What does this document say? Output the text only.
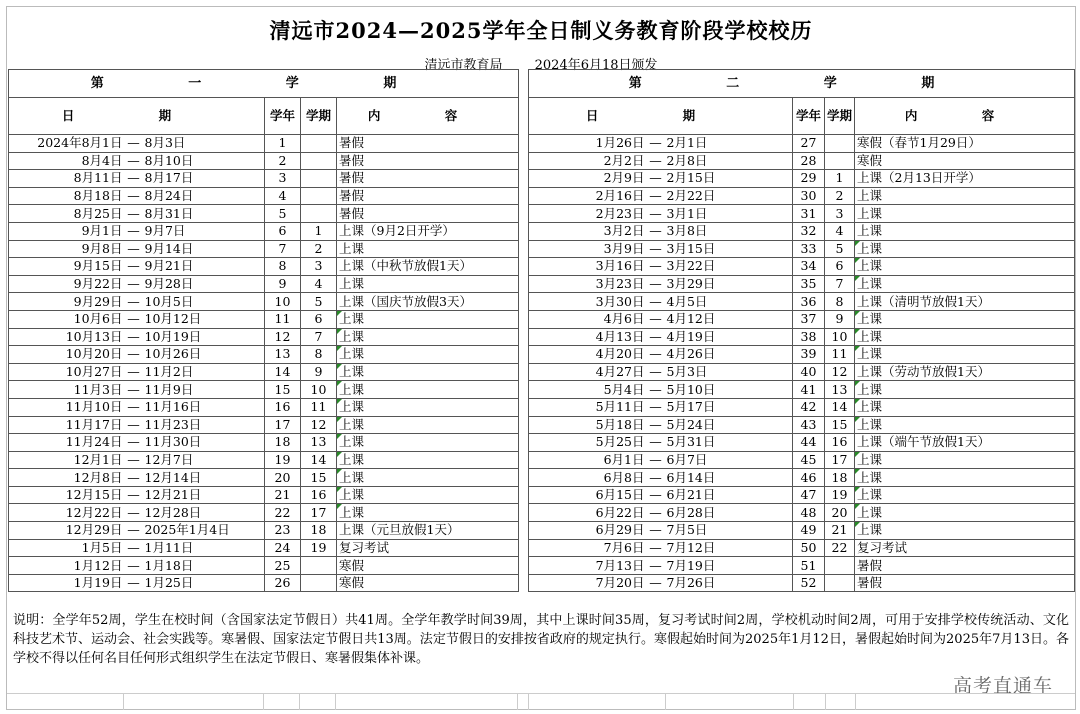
清远市2024—2025学年全日制义务教育阶段学校校历
清远市教育局 2024年6月18日颁发
第 一 学 期					
日 期			学年	学期	内 容
2024年8月1日	—	8月3日	1		暑假
8月4日	—	8月10日	2		暑假
8月11日	—	8月17日	3		暑假
8月18日	—	8月24日	4		暑假
8月25日	—	8月31日	5		暑假
9月1日	—	9月7日	6	1	上课（9月2日开学）
9月8日	—	9月14日	7	2	上课
9月15日	—	9月21日	8	3	上课（中秋节放假1天）
9月22日	—	9月28日	9	4	上课
9月29日	—	10月5日	10	5	上课（国庆节放假3天）
10月6日	—	10月12日	11	6	上课
10月13日	—	10月19日	12	7	上课
10月20日	—	10月26日	13	8	上课
10月27日	—	11月2日	14	9	上课
11月3日	—	11月9日	15	10	上课
11月10日	—	11月16日	16	11	上课
11月17日	—	11月23日	17	12	上课
11月24日	—	11月30日	18	13	上课
12月1日	—	12月7日	19	14	上课
12月8日	—	12月14日	20	15	上课
12月15日	—	12月21日	21	16	上课
12月22日	—	12月28日	22	17	上课
12月29日	—	2025年1月4日	23	18	上课（元旦放假1天）
1月5日	—	1月11日	24	19	复习考试
1月12日	—	1月18日	25		寒假
1月19日	—	1月25日	26		寒假
第 二 学 期					
日 期			学年	学期	内 容
1月26日	—	2月1日	27		寒假（春节1月29日）
2月2日	—	2月8日	28		寒假
2月9日	—	2月15日	29	1	上课（2月13日开学）
2月16日	—	2月22日	30	2	上课
2月23日	—	3月1日	31	3	上课
3月2日	—	3月8日	32	4	上课
3月9日	—	3月15日	33	5	上课
3月16日	—	3月22日	34	6	上课
3月23日	—	3月29日	35	7	上课
3月30日	—	4月5日	36	8	上课（清明节放假1天）
4月6日	—	4月12日	37	9	上课
4月13日	—	4月19日	38	10	上课
4月20日	—	4月26日	39	11	上课
4月27日	—	5月3日	40	12	上课（劳动节放假1天）
5月4日	—	5月10日	41	13	上课
5月11日	—	5月17日	42	14	上课
5月18日	—	5月24日	43	15	上课
5月25日	—	5月31日	44	16	上课（端午节放假1天）
6月1日	—	6月7日	45	17	上课
6月8日	—	6月14日	46	18	上课
6月15日	—	6月21日	47	19	上课
6月22日	—	6月28日	48	20	上课
6月29日	—	7月5日	49	21	上课
7月6日	—	7月12日	50	22	复习考试
7月13日	—	7月19日	51		暑假
7月20日	—	7月26日	52		暑假
说明：全学年52周，学生在校时间（含国家法定节假日）共41周。全学年教学时间39周，其中上课时间35周，复习考试时间2周，学校机动时间2周，可用于安排学校传统活动、文化科技艺术节、运动会、社会实践等。寒暑假、国家法定节假日共13周。法定节假日的安排按省政府的规定执行。寒假起始时间为2025年1月12日，暑假起始时间为2025年7月13日。各学校不得以任何名目任何形式组织学生在法定节假日、寒暑假集体补课。
高考直通车
